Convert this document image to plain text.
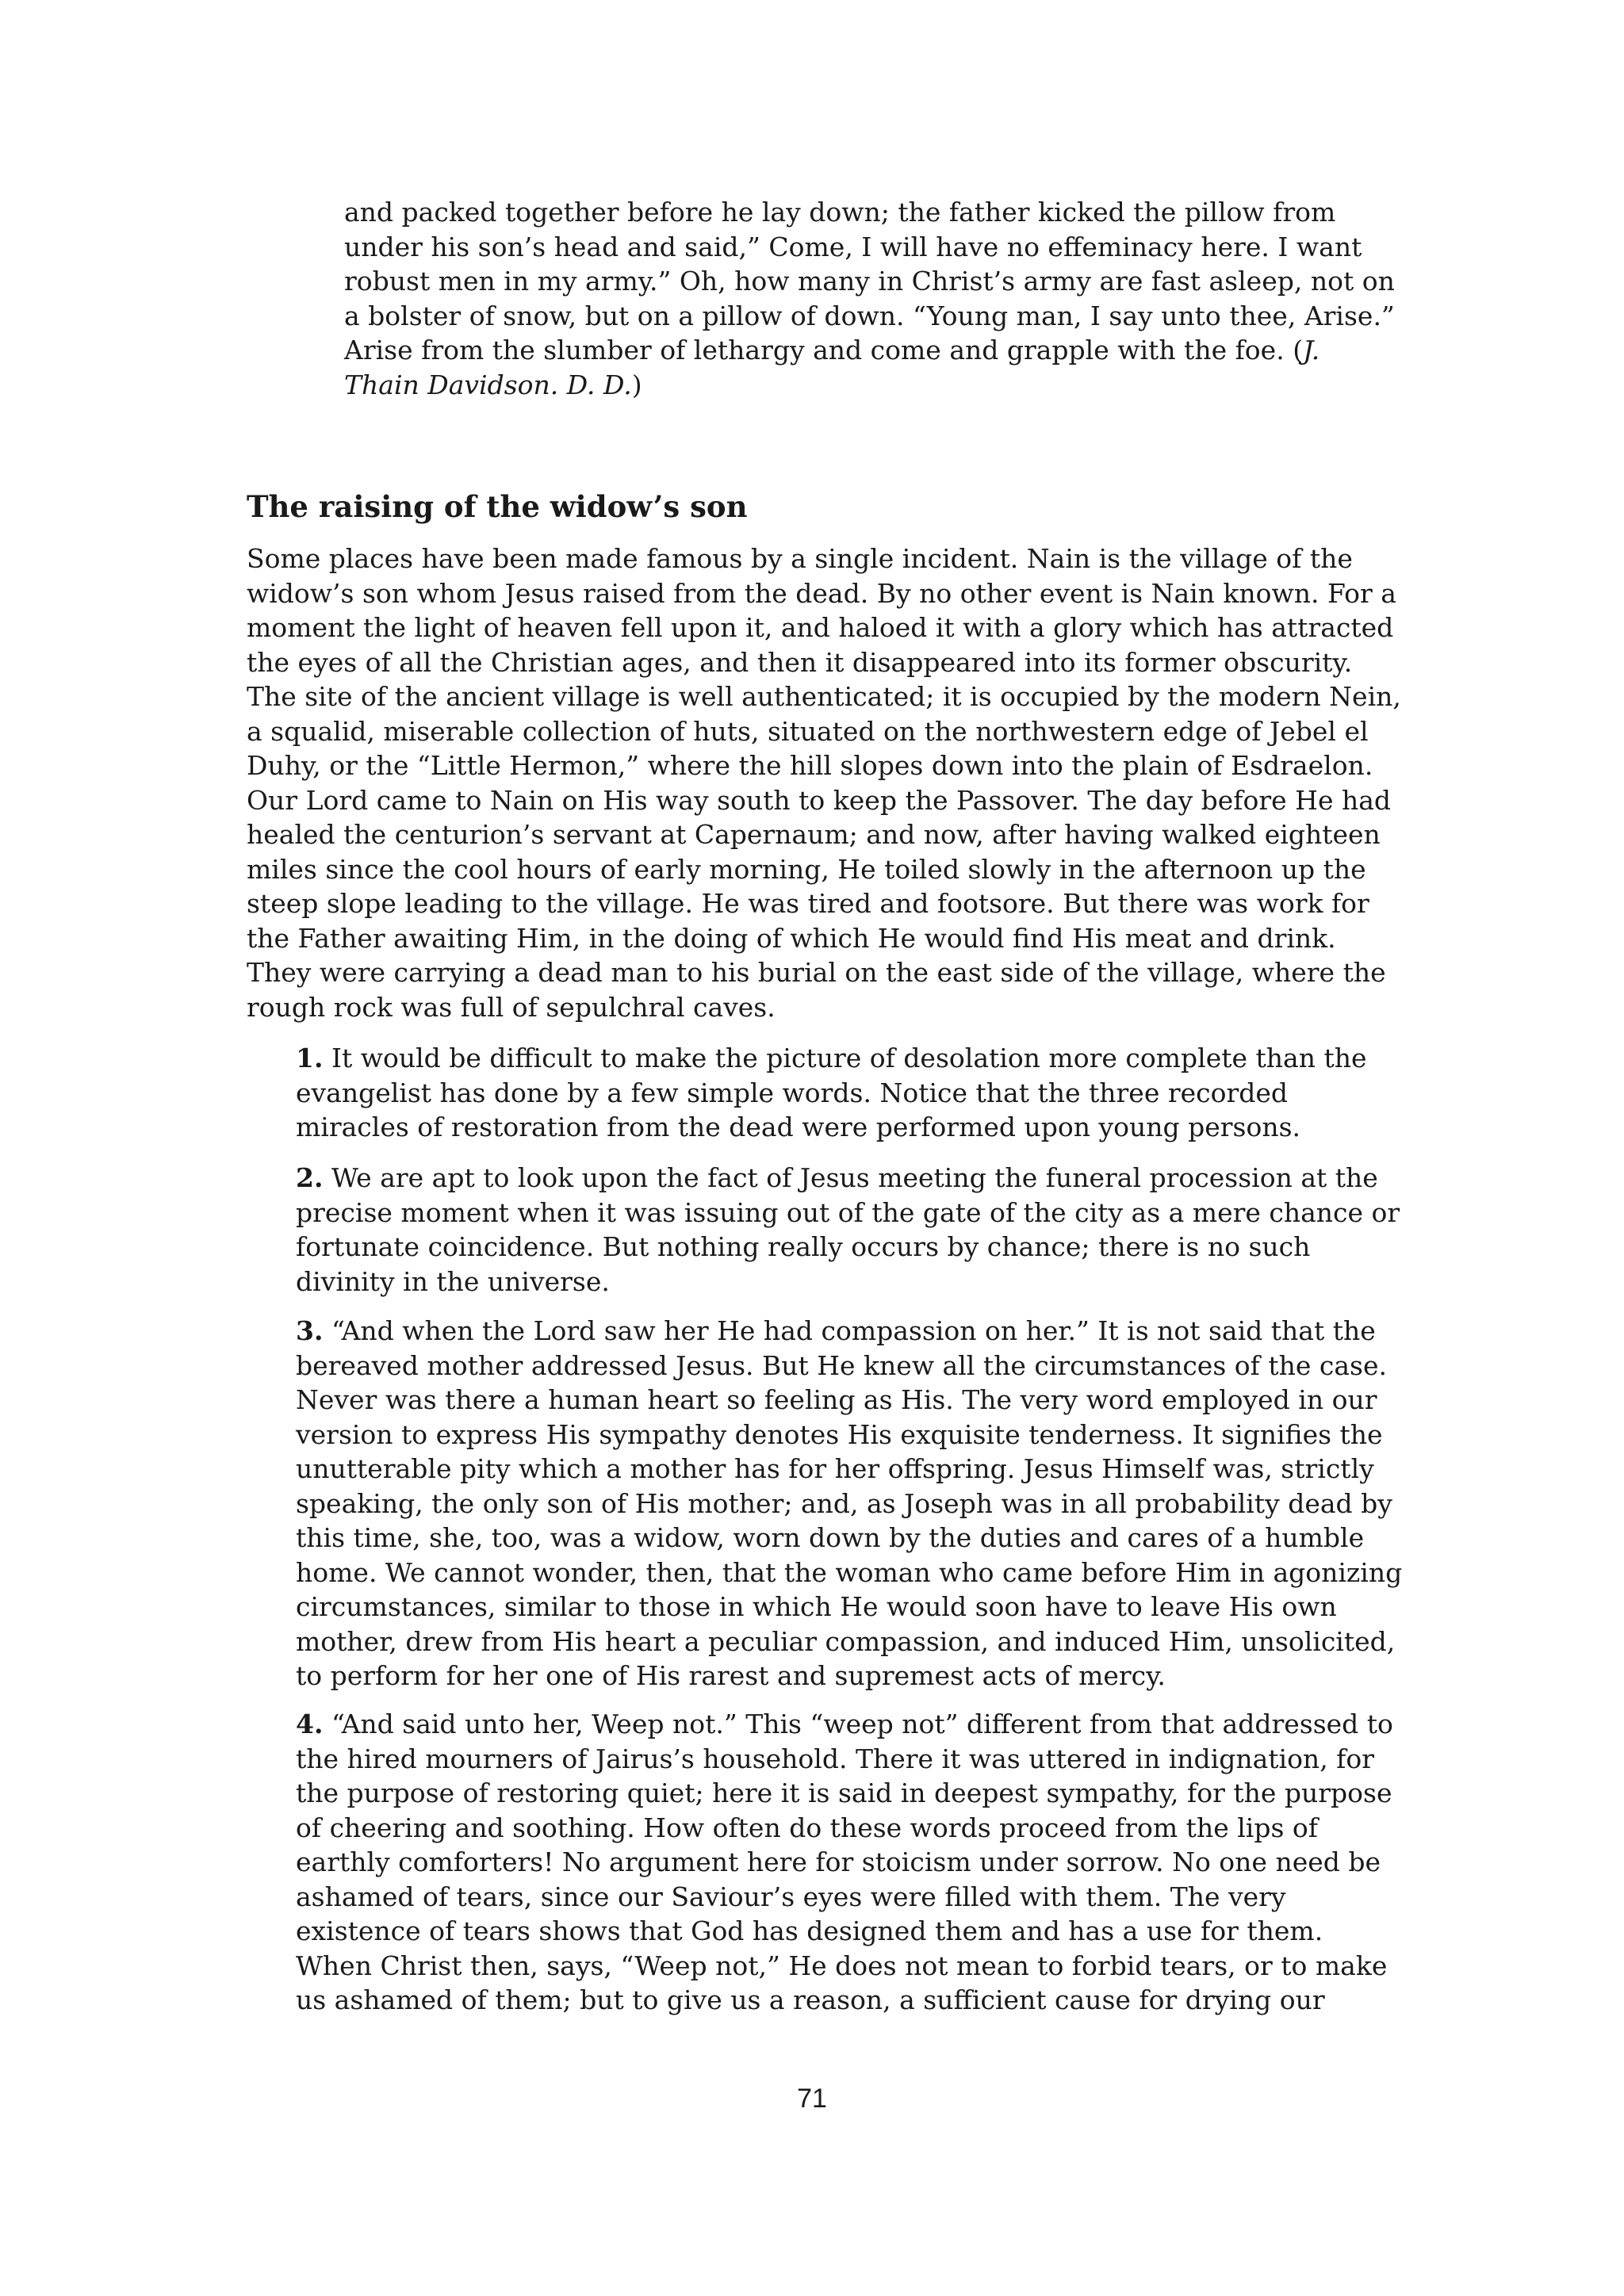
and packed together before he lay down; the father kicked the pillow from under his son’s head and said,” Come, I will have no effeminacy here. I want robust men in my army.” Oh, how many in Christ’s army are fast asleep, not on a bolster of snow, but on a pillow of down. “Young man, I say unto thee, Arise.” Arise from the slumber of lethargy and come and grapple with the foe. (J. Thain Davidson. D. D.)

The raising of the widow’s son

Some places have been made famous by a single incident. Nain is the village of the widow’s son whom Jesus raised from the dead. By no other event is Nain known. For a moment the light of heaven fell upon it, and haloed it with a glory which has attracted the eyes of all the Christian ages, and then it disappeared into its former obscurity. The site of the ancient village is well authenticated; it is occupied by the modern Nein, a squalid, miserable collection of huts, situated on the northwestern edge of Jebel el Duhy, or the “Little Hermon,” where the hill slopes down into the plain of Esdraelon. Our Lord came to Nain on His way south to keep the Passover. The day before He had healed the centurion’s servant at Capernaum; and now, after having walked eighteen miles since the cool hours of early morning, He toiled slowly in the afternoon up the steep slope leading to the village. He was tired and footsore. But there was work for the Father awaiting Him, in the doing of which He would find His meat and drink. They were carrying a dead man to his burial on the east side of the village, where the rough rock was full of sepulchral caves.

1. It would be difficult to make the picture of desolation more complete than the evangelist has done by a few simple words. Notice that the three recorded miracles of restoration from the dead were performed upon young persons.

2. We are apt to look upon the fact of Jesus meeting the funeral procession at the precise moment when it was issuing out of the gate of the city as a mere chance or fortunate coincidence. But nothing really occurs by chance; there is no such divinity in the universe.

3. “And when the Lord saw her He had compassion on her.” It is not said that the bereaved mother addressed Jesus. But He knew all the circumstances of the case. Never was there a human heart so feeling as His. The very word employed in our version to express His sympathy denotes His exquisite tenderness. It signifies the unutterable pity which a mother has for her offspring. Jesus Himself was, strictly speaking, the only son of His mother; and, as Joseph was in all probability dead by this time, she, too, was a widow, worn down by the duties and cares of a humble home. We cannot wonder, then, that the woman who came before Him in agonizing circumstances, similar to those in which He would soon have to leave His own mother, drew from His heart a peculiar compassion, and induced Him, unsolicited, to perform for her one of His rarest and supremest acts of mercy.

4. “And said unto her, Weep not.” This “weep not” different from that addressed to the hired mourners of Jairus’s household. There it was uttered in indignation, for the purpose of restoring quiet; here it is said in deepest sympathy, for the purpose of cheering and soothing. How often do these words proceed from the lips of earthly comforters! No argument here for stoicism under sorrow. No one need be ashamed of tears, since our Saviour’s eyes were filled with them. The very existence of tears shows that God has designed them and has a use for them. When Christ then, says, “Weep not,” He does not mean to forbid tears, or to make us ashamed of them; but to give us a reason, a sufficient cause for drying our

71
